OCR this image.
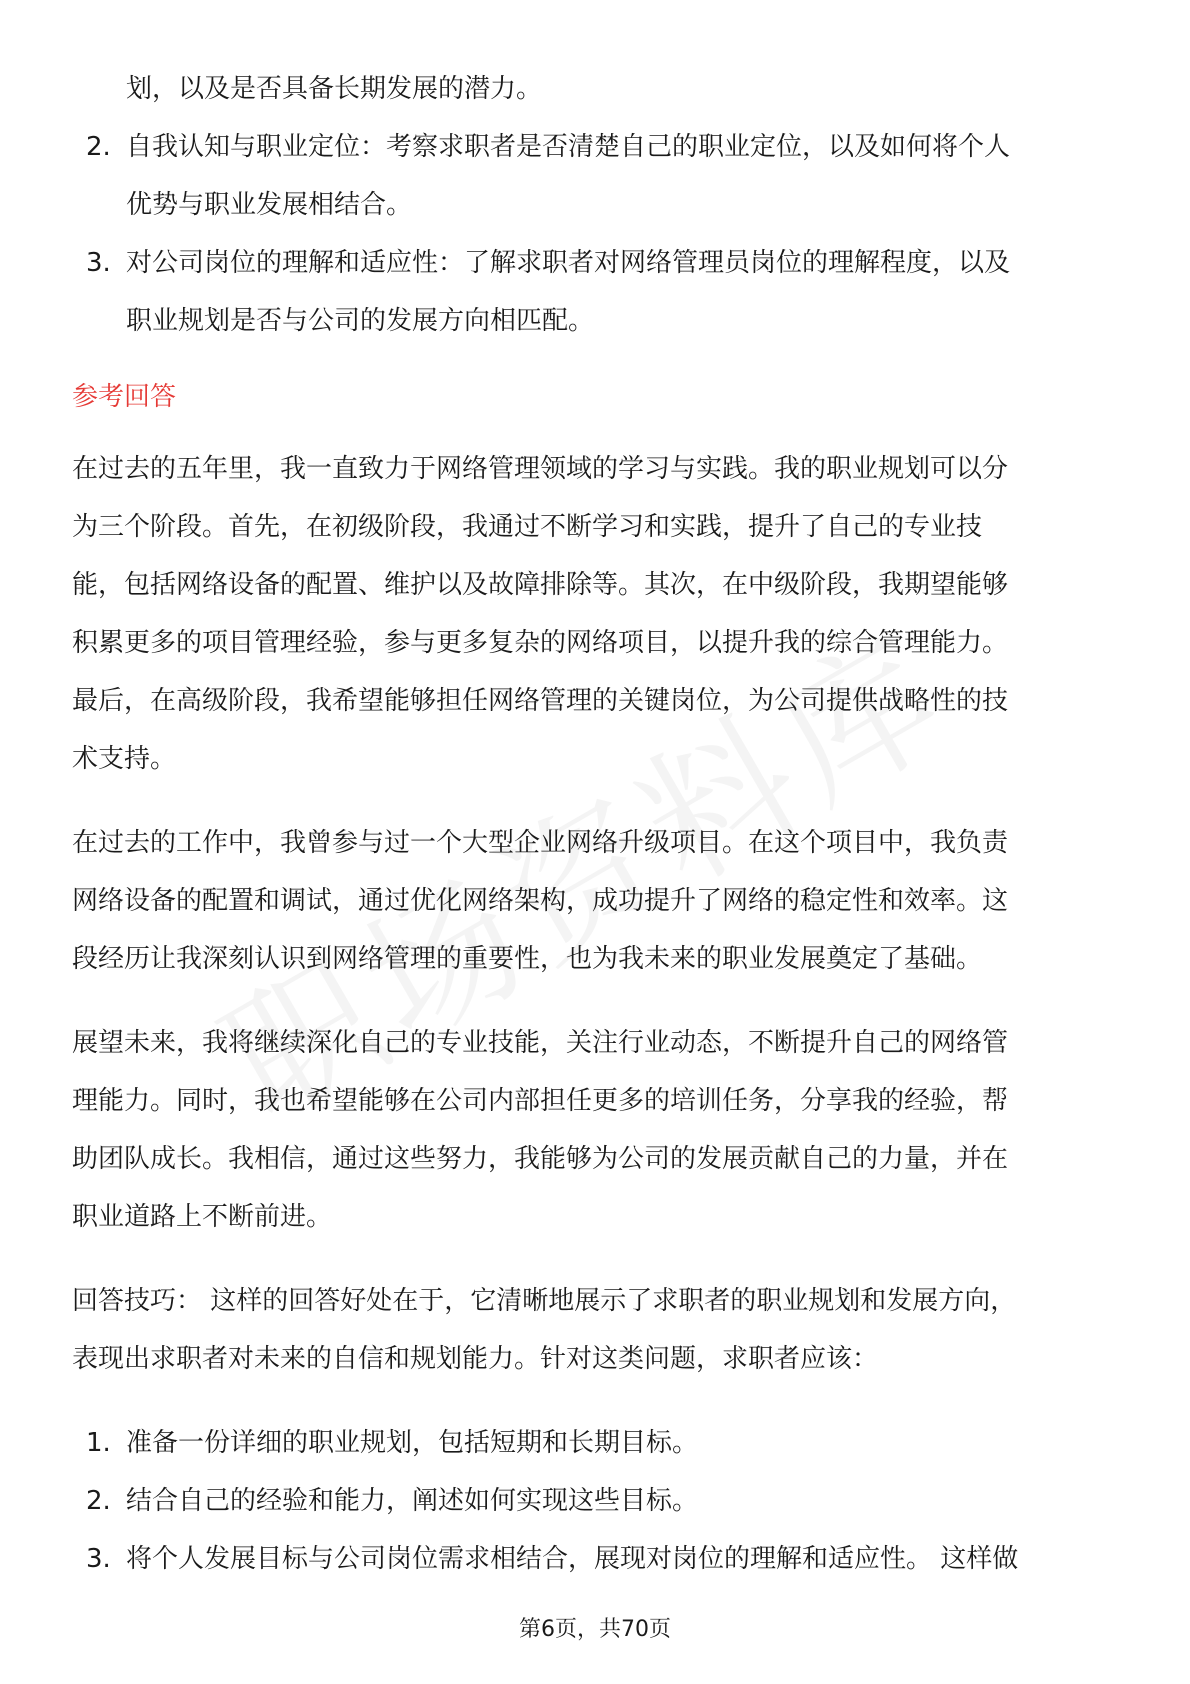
划，以及是否具备长期发展的潜力。
2. 自我认知与职业定位：考察求职者是否清楚自己的职业定位，以及如何将个人
优势与职业发展相结合。
3. 对公司岗位的理解和适应性：了解求职者对网络管理员岗位的理解程度，以及
职业规划是否与公司的发展方向相匹配。
参考回答
在过去的五年里，我一直致力于网络管理领域的学习与实践。我的职业规划可以分
为三个阶段。首先，在初级阶段，我通过不断学习和实践，提升了自己的专业技
能，包括网络设备的配置、维护以及故障排除等。其次，在中级阶段，我期望能够
积累更多的项目管理经验，参与更多复杂的网络项目，以提升我的综合管理能力。
最后，在高级阶段，我希望能够担任网络管理的关键岗位，为公司提供战略性的技
术支持。
在过去的工作中，我曾参与过一个大型企业网络升级项目。在这个项目中，我负责
网络设备的配置和调试，通过优化网络架构，成功提升了网络的稳定性和效率。这
段经历让我深刻认识到网络管理的重要性，也为我未来的职业发展奠定了基础。
展望未来，我将继续深化自己的专业技能，关注行业动态，不断提升自己的网络管
理能力。同时，我也希望能够在公司内部担任更多的培训任务，分享我的经验，帮
助团队成长。我相信，通过这些努力，我能够为公司的发展贡献自己的力量，并在
职业道路上不断前进。
回答技巧： 这样的回答好处在于，它清晰地展示了求职者的职业规划和发展方向，
表现出求职者对未来的自信和规划能力。针对这类问题，求职者应该：
1. 准备一份详细的职业规划，包括短期和长期目标。
2. 结合自己的经验和能力，阐述如何实现这些目标。
3. 将个人发展目标与公司岗位需求相结合，展现对岗位的理解和适应性。 这样做
第6页，共70页
